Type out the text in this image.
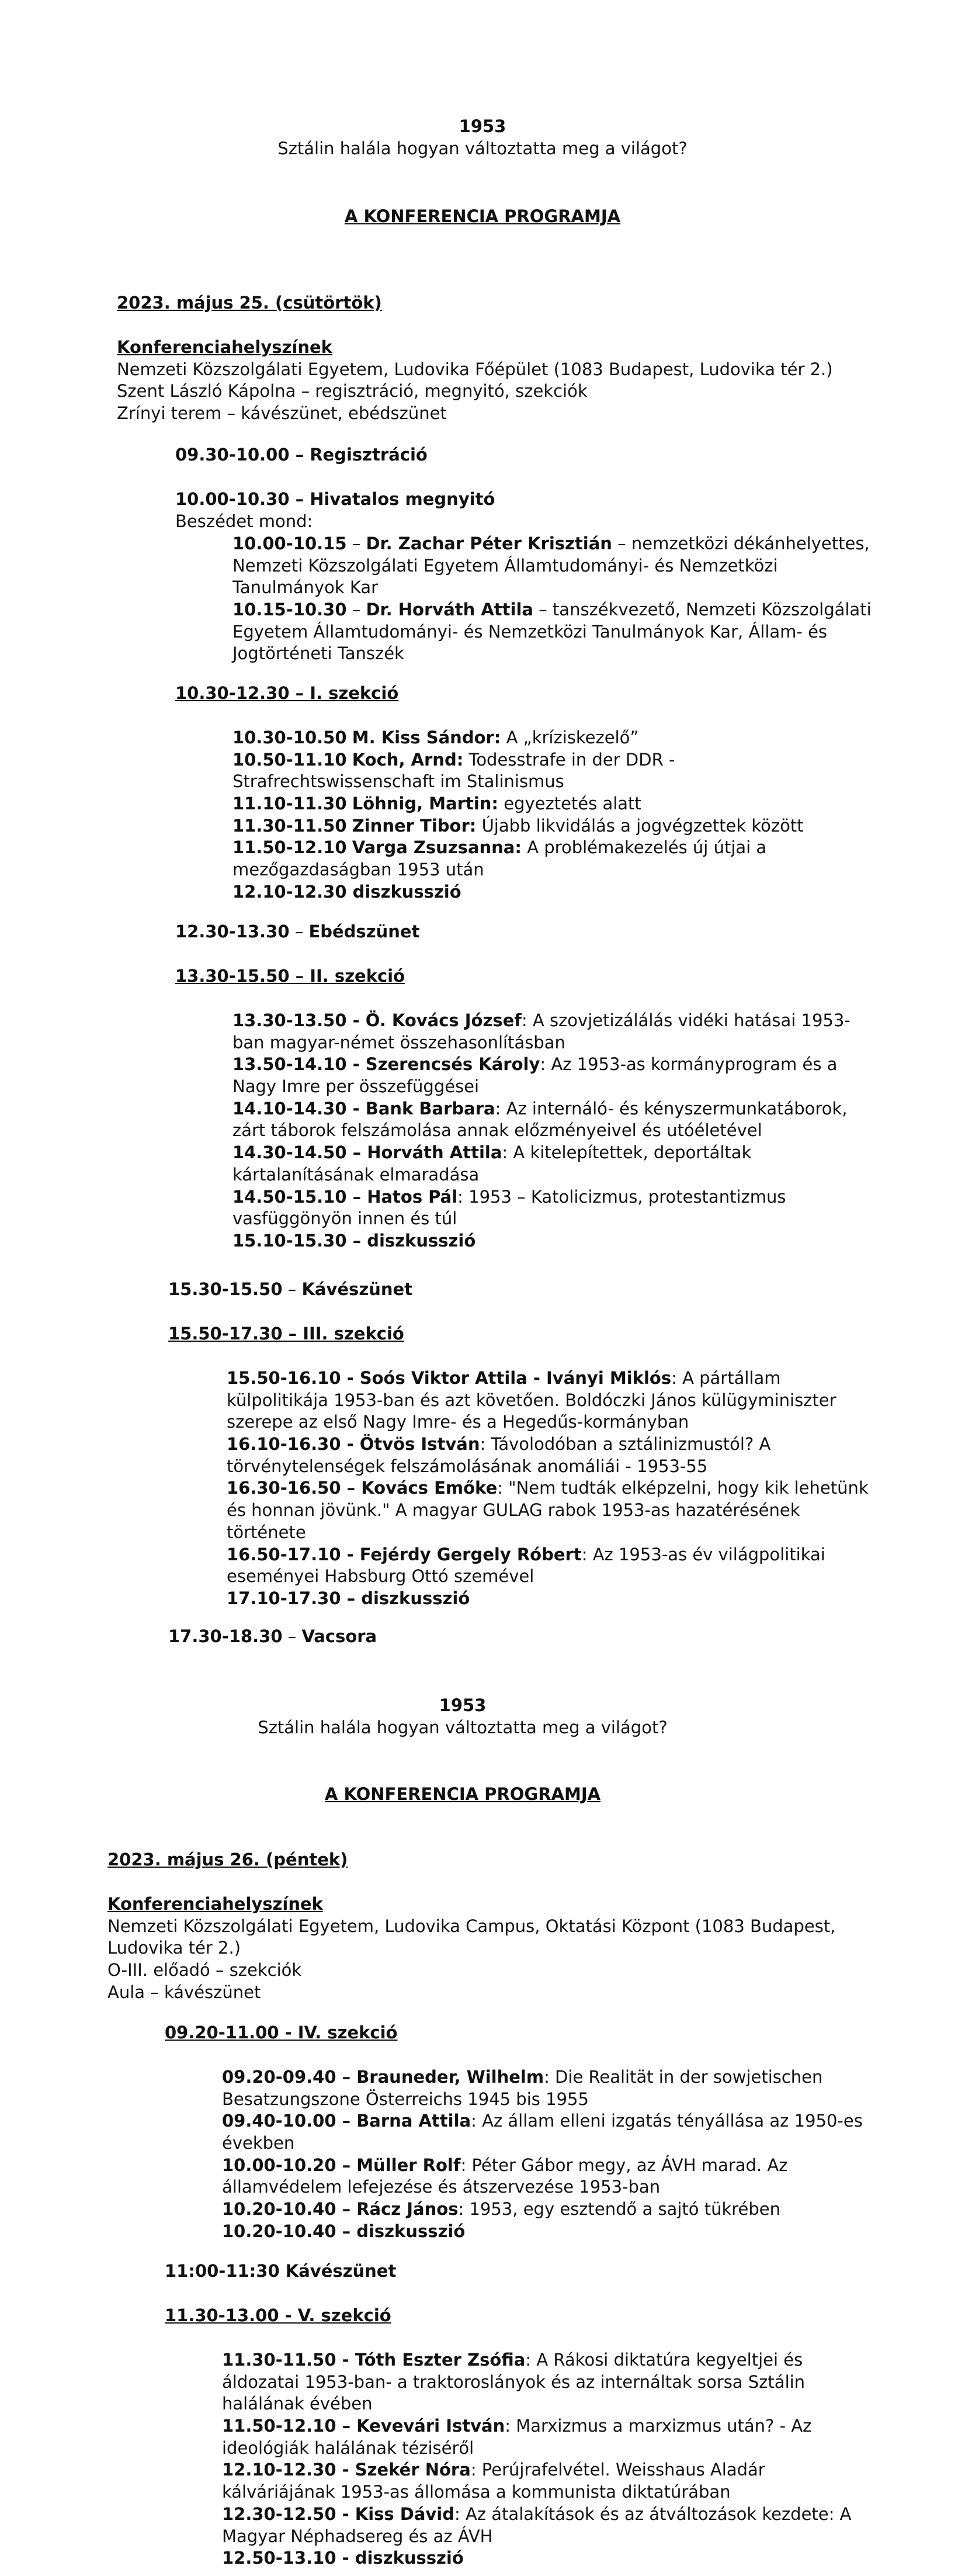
1953
Sztálin halála hogyan változtatta meg a világot?
A KONFERENCIA PROGRAMJA
2023. május 25. (csütörtök)
Konferenciahelyszínek
Nemzeti Közszolgálati Egyetem, Ludovika Főépület (1083 Budapest, Ludovika tér 2.)
Szent László Kápolna – regisztráció, megnyitó, szekciók
Zrínyi terem – kávészünet, ebédszünet
09.30-10.00 – Regisztráció
10.00-10.30 – Hivatalos megnyitó
Beszédet mond:
10.00-10.15 – Dr. Zachar Péter Krisztián – nemzetközi dékánhelyettes, Nemzeti Közszolgálati Egyetem Államtudományi- és Nemzetközi Tanulmányok Kar
10.15-10.30 – Dr. Horváth Attila – tanszékvezető, Nemzeti Közszolgálati Egyetem Államtudományi- és Nemzetközi Tanulmányok Kar, Állam- és Jogtörténeti Tanszék
10.30-12.30 – I. szekció
10.30-10.50 M. Kiss Sándor: A „kríziskezelő”
10.50-11.10 Koch, Arnd: Todesstrafe in der DDR - Strafrechtswissenschaft im Stalinismus
11.10-11.30 Löhnig, Martin: egyeztetés alatt
11.30-11.50 Zinner Tibor: Újabb likvidálás a jogvégzettek között
11.50-12.10 Varga Zsuzsanna: A problémakezelés új útjai a mezőgazdaságban 1953 után
12.10-12.30 diszkusszió
12.30-13.30 – Ebédszünet
13.30-15.50 – II. szekció
13.30-13.50 - Ö. Kovács József: A szovjetizálálás vidéki hatásai 1953-ban magyar-német összehasonlításban
13.50-14.10 - Szerencsés Károly: Az 1953-as kormányprogram és a Nagy Imre per összefüggései
14.10-14.30 - Bank Barbara: Az internáló- és kényszermunkatáborok, zárt táborok felszámolása annak előzményeivel és utóéletével
14.30-14.50 – Horváth Attila: A kitelepítettek, deportáltak kártalanításának elmaradása
14.50-15.10 – Hatos Pál: 1953 – Katolicizmus, protestantizmus vasfüggönyön innen és túl
15.10-15.30 – diszkusszió
15.30-15.50 – Kávészünet
15.50-17.30 – III. szekció
15.50-16.10 - Soós Viktor Attila - Iványi Miklós: A pártállam külpolitikája 1953-ban és azt követően. Boldóczki János külügyminiszter szerepe az első Nagy Imre- és a Hegedűs-kormányban
16.10-16.30 - Ötvös István: Távolodóban a sztálinizmustól? A törvénytelenségek felszámolásának anomáliái - 1953-55
16.30-16.50 – Kovács Emőke: "Nem tudták elképzelni, hogy kik lehetünk és honnan jövünk." A magyar GULAG rabok 1953-as hazatérésének története
16.50-17.10 - Fejérdy Gergely Róbert: Az 1953-as év világpolitikai eseményei Habsburg Ottó szemével
17.10-17.30 – diszkusszió
17.30-18.30 – Vacsora
1953
Sztálin halála hogyan változtatta meg a világot?
A KONFERENCIA PROGRAMJA
2023. május 26. (péntek)
Konferenciahelyszínek
Nemzeti Közszolgálati Egyetem, Ludovika Campus, Oktatási Központ (1083 Budapest,
Ludovika tér 2.)
O-III. előadó – szekciók
Aula – kávészünet
09.20-11.00 - IV. szekció
09.20-09.40 – Brauneder, Wilhelm: Die Realität in der sowjetischen Besatzungszone Österreichs 1945 bis 1955
09.40-10.00 – Barna Attila: Az állam elleni izgatás tényállása az 1950-es években
10.00-10.20 – Müller Rolf: Péter Gábor megy, az ÁVH marad. Az államvédelem lefejezése és átszervezése 1953-ban
10.20-10.40 – Rácz János: 1953, egy esztendő a sajtó tükrében
10.20-10.40 – diszkusszió
11:00-11:30 Kávészünet
11.30-13.00 - V. szekció
11.30-11.50 - Tóth Eszter Zsófia: A Rákosi diktatúra kegyeltjei és áldozatai 1953-ban- a traktoroslányok és az internáltak sorsa Sztálin halálának évében
11.50-12.10 – Kevevári István: Marxizmus a marxizmus után? - Az ideológiák halálának téziséről
12.10-12.30 - Szekér Nóra: Perújrafelvétel. Weisshaus Aladár kálváriájának 1953-as állomása a kommunista diktatúrában
12.30-12.50 - Kiss Dávid: Az átalakítások és az átváltozások kezdete: A Magyar Néphadsereg és az ÁVH
12.50-13.10 - diszkusszió
